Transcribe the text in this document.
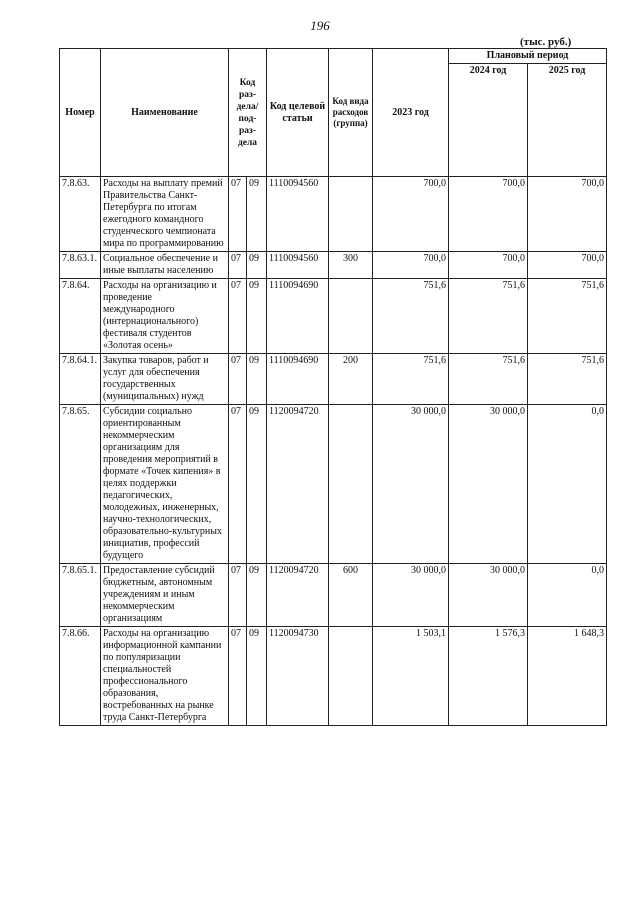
196
(тыс. руб.)
Номер	Наименование	Код раз-дела/ под-раз-дела		Код целевой статьи	Код вида расходов (группа)	2023 год	Плановый период	
							2024 год	2025 год
7.8.63.	Расходы на выплату премий Правительства Санкт-Петербурга по итогам ежегодного командного студенческого чемпионата мира по программированию	07	09	1110094560		700,0	700,0	700,0
7.8.63.1.	Социальное обеспечение и иные выплаты населению	07	09	1110094560	300	700,0	700,0	700,0
7.8.64.	Расходы на организацию и проведение международного (интернационального) фестиваля студентов «Золотая осень»	07	09	1110094690		751,6	751,6	751,6
7.8.64.1.	Закупка товаров, работ и услуг для обеспечения государственных (муниципальных) нужд	07	09	1110094690	200	751,6	751,6	751,6
7.8.65.	Субсидии социально ориентированным некоммерческим организациям для проведения мероприятий в формате «Точек кипения» в целях поддержки педагогических, молодежных, инженерных, научно-технологических, образовательно-культурных инициатив, профессий будущего	07	09	1120094720		30 000,0	30 000,0	0,0
7.8.65.1.	Предоставление субсидий бюджетным, автономным учреждениям и иным некоммерческим организациям	07	09	1120094720	600	30 000,0	30 000,0	0,0
7.8.66.	Расходы на организацию информационной кампании по популяризации специальностей профессионального образования, востребованных на рынке труда Санкт-Петербурга	07	09	1120094730		1 503,1	1 576,3	1 648,3
